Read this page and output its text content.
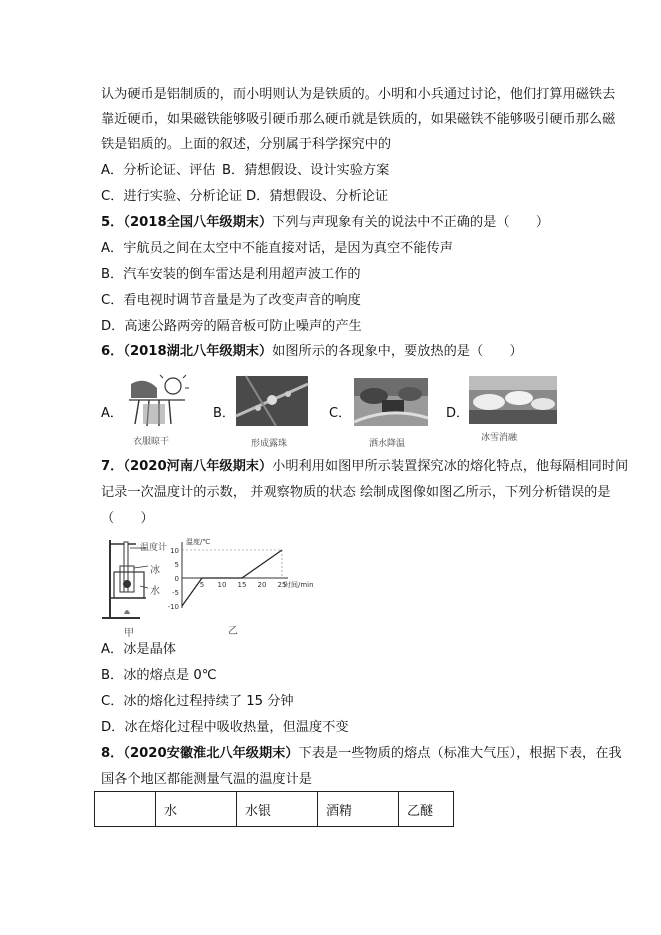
认为硬币是铝制质的，而小明则认为是铁质的。小明和小兵通过讨论，他们打算用磁铁去
靠近硬币，如果磁铁能够吸引硬币那么硬币就是铁质的，如果磁铁不能够吸引硬币那么磁
铁是铝质的。上面的叙述，分别属于科学探究中的
A．分析论证、评估 B．猜想假设、设计实验方案
C．进行实验、分析论证 D．猜想假设、分析论证
5．（2018全国八年级期末）下列与声现象有关的说法中不正确的是（　　）
A．宇航员之间在太空中不能直接对话，是因为真空不能传声
B．汽车安装的倒车雷达是利用超声波工作的
C．看电视时调节音量是为了改变声音的响度
D．高速公路两旁的隔音板可防止噪声的产生
6．（2018湖北八年级期末）如图所示的各现象中，要放热的是（　　）
A．
衣服晾干
B．
形成露珠
C．
洒水降温
D．
冰雪消融
7．（2020河南八年级期末）小明利用如图甲所示装置探究冰的熔化特点，他每隔相同时间
记录一次温度计的示数， 并观察物质的状态 绘制成图像如图乙所示，下列分析错误的是
（　　）
温度计
冰
水
甲
10
5
0
-5
-10
5 10 15 20 25
温度/℃
时间/min
乙
A．冰是晶体
B．冰的熔点是 0℃
C．冰的熔化过程持续了 15 分钟
D．冰在熔化过程中吸收热量，但温度不变
8．（2020安徽淮北八年级期末）下表是一些物质的熔点（标准大气压），根据下表，在我
国各个地区都能测量气温的温度计是
	水	水银	酒精	乙醚
